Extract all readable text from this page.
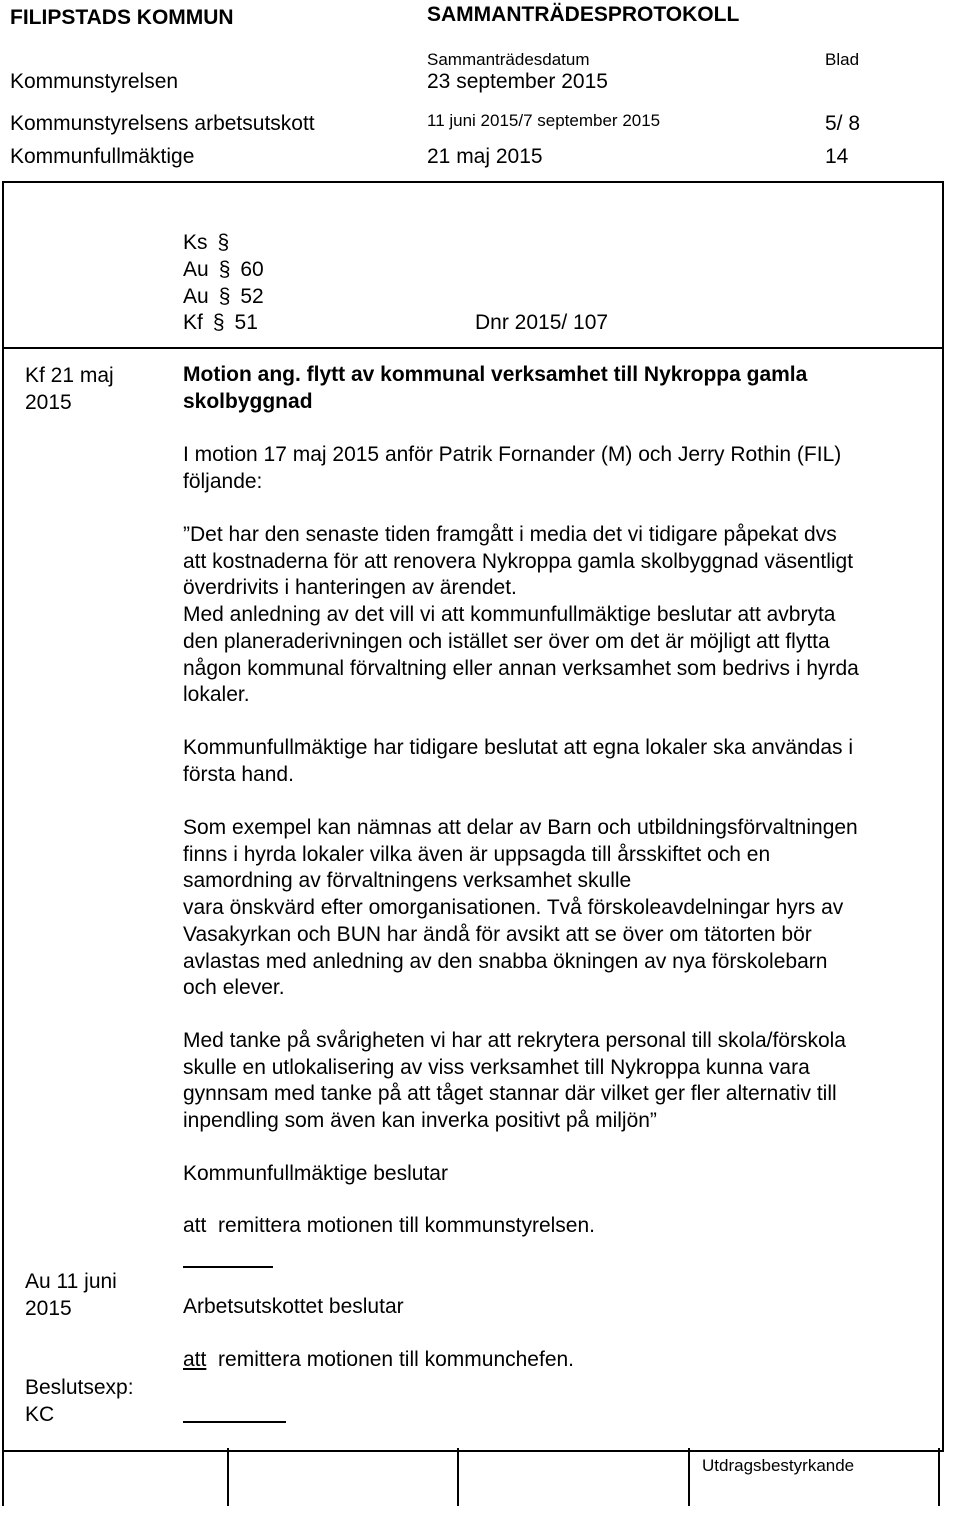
FILIPSTADS KOMMUN	SAMMANTRÄDESPROTOKOLL
Sammanträdesdatum	Blad
Kommunstyrelsen	23 september 2015
Kommunstyrelsens arbetsutskott	11 juni 2015/7 september 2015	5/ 8
Kommunfullmäktige	21 maj 2015	14
Ks §
Au § 60
Au § 52
Kf § 51	Dnr 2015/ 107
Kf 21 maj
2015
Au 11 juni
2015
Beslutsexp:
KC
Motion ang. flytt av kommunal verksamhet till Nykroppa gamla
skolbyggnad
I motion 17 maj 2015 anför Patrik Fornander (M) och Jerry Rothin (FIL)
följande:
”Det har den senaste tiden framgått i media det vi tidigare påpekat dvs
att kostnaderna för att renovera Nykroppa gamla skolbyggnad väsentligt
överdrivits i hanteringen av ärendet.
Med anledning av det vill vi att kommunfullmäktige beslutar att avbryta
den planeraderivningen och istället ser över om det är möjligt att flytta
någon kommunal förvaltning eller annan verksamhet som bedrivs i hyrda
lokaler.
Kommunfullmäktige har tidigare beslutat att egna lokaler ska användas i
första hand.
Som exempel kan nämnas att delar av Barn och utbildningsförvaltningen
finns i hyrda lokaler vilka även är uppsagda till årsskiftet och en
samordning av förvaltningens verksamhet skulle
vara önskvärd efter omorganisationen. Två förskoleavdelningar hyrs av
Vasakyrkan och BUN har ändå för avsikt att se över om tätorten bör
avlastas med anledning av den snabba ökningen av nya förskolebarn
och elever.
Med tanke på svårigheten vi har att rekrytera personal till skola/förskola
skulle en utlokalisering av viss verksamhet till Nykroppa kunna vara
gynnsam med tanke på att tåget stannar där vilket ger fler alternativ till
inpendling som även kan inverka positivt på miljön”
Kommunfullmäktige beslutar
att remittera motionen till kommunstyrelsen.
Arbetsutskottet beslutar
att remittera motionen till kommunchefen.
Utdragsbestyrkande
